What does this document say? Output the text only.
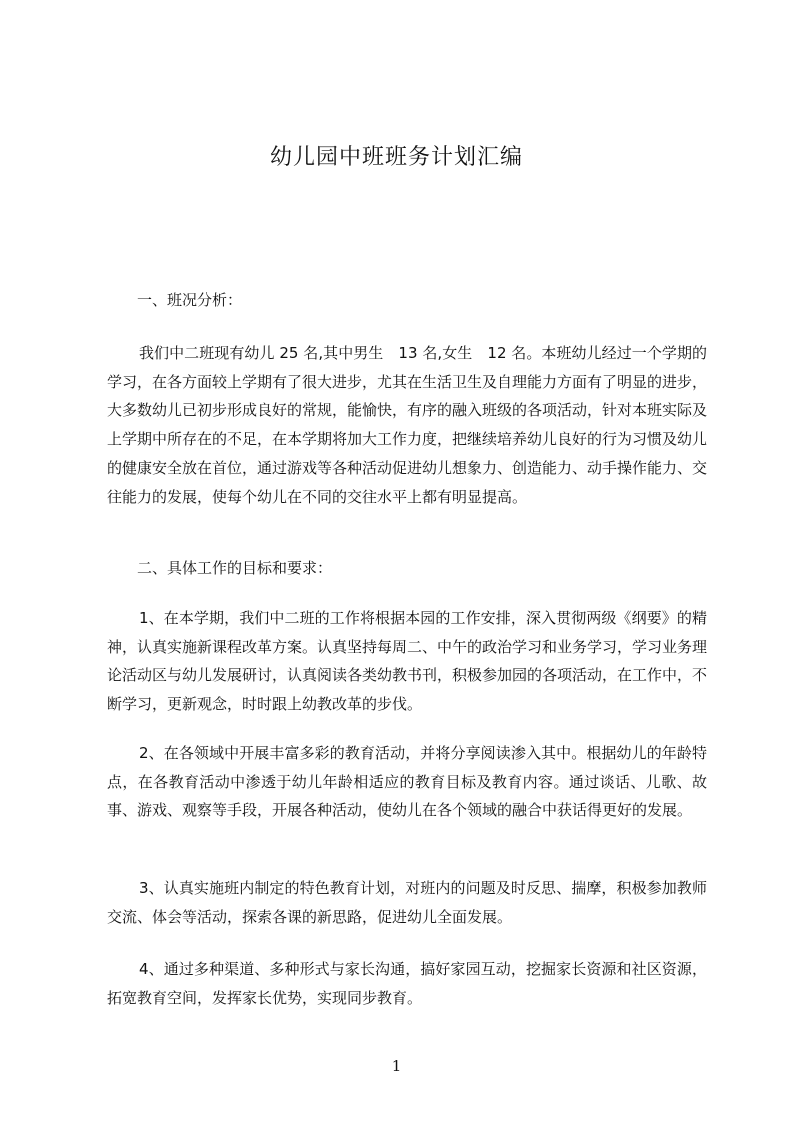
幼儿园中班班务计划汇编

一、班况分析：

我们中二班现有幼儿 25 名,其中男生　13 名,女生　12 名。本班幼儿经过一个学期的学习，在各方面较上学期有了很大进步，尤其在生活卫生及自理能力方面有了明显的进步，大多数幼儿已初步形成良好的常规，能愉快，有序的融入班级的各项活动，针对本班实际及上学期中所存在的不足，在本学期将加大工作力度，把继续培养幼儿良好的行为习惯及幼儿的健康安全放在首位，通过游戏等各种活动促进幼儿想象力、创造能力、动手操作能力、交往能力的发展，使每个幼儿在不同的交往水平上都有明显提高。

二、具体工作的目标和要求：

1、在本学期，我们中二班的工作将根据本园的工作安排，深入贯彻两级《纲要》的精神，认真实施新课程改革方案。认真坚持每周二、中午的政治学习和业务学习，学习业务理论活动区与幼儿发展研讨，认真阅读各类幼教书刊，积极参加园的各项活动，在工作中，不断学习，更新观念，时时跟上幼教改革的步伐。

2、在各领域中开展丰富多彩的教育活动，并将分享阅读渗入其中。根据幼儿的年龄特点，在各教育活动中渗透于幼儿年龄相适应的教育目标及教育内容。通过谈话、儿歌、故事、游戏、观察等手段，开展各种活动，使幼儿在各个领域的融合中获话得更好的发展。

3、认真实施班内制定的特色教育计划，对班内的问题及时反思、揣摩，积极参加教师交流、体会等活动，探索各课的新思路，促进幼儿全面发展。

4、通过多种渠道、多种形式与家长沟通，搞好家园互动，挖掘家长资源和社区资源，拓宽教育空间，发挥家长优势，实现同步教育。

1
